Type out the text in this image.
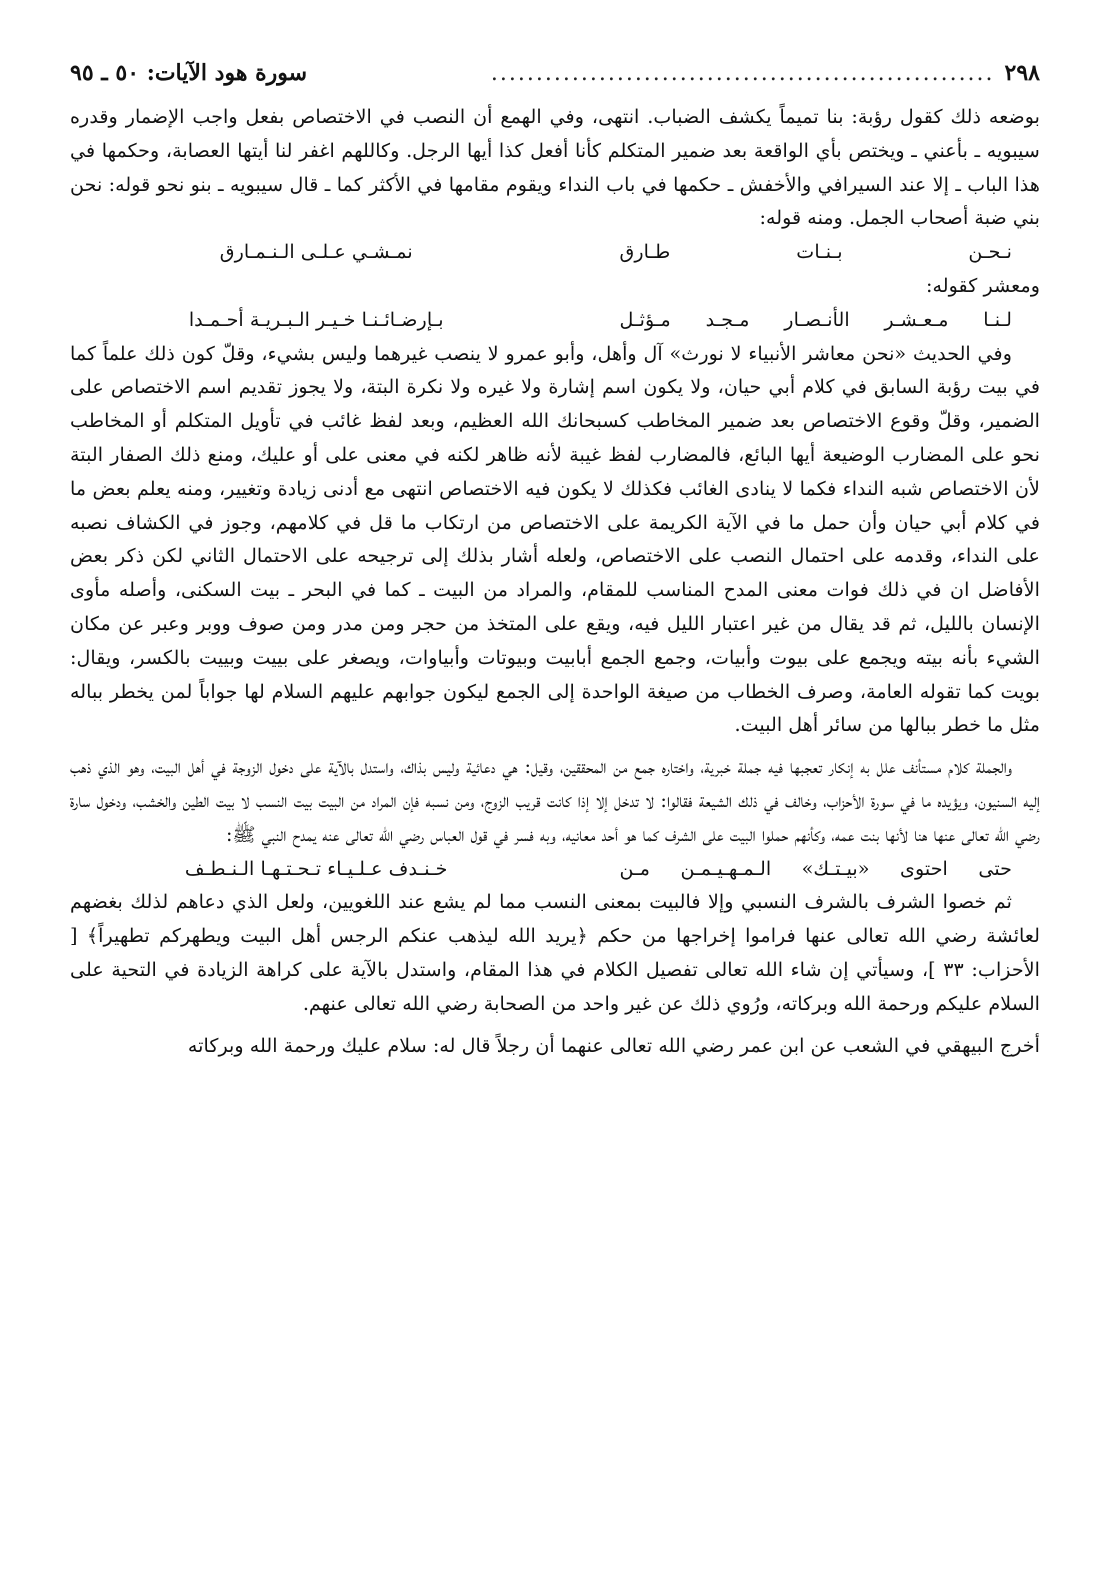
٢٩٨
........................................................
سورة هود الآيات: ٥٠ ـ ٩٥

بوضعه ذلك كقول رؤبة: بنا تميماً يكشف الضباب. انتهى، وفي الهمع أن النصب في الاختصاص بفعل واجب الإضمار وقدره سيبويه ـ بأعني ـ ويختص بأي الواقعة بعد ضمير المتكلم كأنا أفعل كذا أيها الرجل. وكاللهم اغفر لنا أيتها العصابة، وحكمها في هذا الباب ـ إلا عند السيرافي والأخفش ـ حكمها في باب النداء ويقوم مقامها في الأكثر كما ـ قال سيبويه ـ بنو نحو قوله: نحن بني ضبة أصحاب الجمل. ومنه قوله:

نـحـن بـنـات طـارق
نمـشـي عـلـى الـنـمـارق

ومعشر كقوله:

لـنـا مـعـشـر الأنـصـار مـجـد مـؤثـل
بـإرضـائـنـا خـيـر الـبـريـة أحـمـدا

وفي الحديث «نحن معاشر الأنبياء لا نورث» آل وأهل، وأبو عمرو لا ينصب غيرهما وليس بشيء، وقلّ كون ذلك علماً كما في بيت رؤبة السابق في كلام أبي حيان، ولا يكون اسم إشارة ولا غيره ولا نكرة البتة، ولا يجوز تقديم اسم الاختصاص على الضمير، وقلّ وقوع الاختصاص بعد ضمير المخاطب كسبحانك الله العظيم، وبعد لفظ غائب في تأويل المتكلم أو المخاطب نحو على المضارب الوضيعة أيها البائع، فالمضارب لفظ غيبة لأنه ظاهر لكنه في معنى على أو عليك، ومنع ذلك الصفار البتة لأن الاختصاص شبه النداء فكما لا ينادى الغائب فكذلك لا يكون فيه الاختصاص انتهى مع أدنى زيادة وتغيير، ومنه يعلم بعض ما في كلام أبي حيان وأن حمل ما في الآية الكريمة على الاختصاص من ارتكاب ما قل في كلامهم، وجوز في الكشاف نصبه على النداء، وقدمه على احتمال النصب على الاختصاص، ولعله أشار بذلك إلى ترجيحه على الاحتمال الثاني لكن ذكر بعض الأفاضل ان في ذلك فوات معنى المدح المناسب للمقام، والمراد من البيت ـ كما في البحر ـ بيت السكنى، وأصله مأوى الإنسان بالليل، ثم قد يقال من غير اعتبار الليل فيه، ويقع على المتخذ من حجر ومن مدر ومن صوف ووبر وعبر عن مكان الشيء بأنه بيته ويجمع على بيوت وأبيات، وجمع الجمع أبابيت وبيوتات وأبياوات، ويصغر على بييت وبييت بالكسر، ويقال: بويت كما تقوله العامة، وصرف الخطاب من صيغة الواحدة إلى الجمع ليكون جوابهم عليهم السلام لها جواباً لمن يخطر بباله مثل ما خطر ببالها من سائر أهل البيت.

والجملة كلام مستأنف علل به إنكار تعجبها فيه جملة خبرية، واختاره جمع من المحققين، وقيل: هي دعائية وليس بذاك، واستدل بالآية على دخول الزوجة في أهل البيت، وهو الذي ذهب إليه السنيون، ويؤيده ما في سورة الأحزاب، وخالف في ذلك الشيعة فقالوا: لا تدخل إلا إذا كانت قريب الزوج، ومن نسبه فإن المراد من البيت بيت النسب لا بيت الطين والخشب، ودخول سارة رضي الله تعالى عنها هنا لأنها بنت عمه، وكأنهم حملوا البيت على الشرف كما هو أحد معانيه، وبه فسر في قول العباس رضي الله تعالى عنه يمدح النبي ﷺ:

حتى احتوى «بيـتـك» الـمـهـيـمـن مـن
خـنـدف عـلـيـاء تـحـتـهـا الـنـطـف

ثم خصوا الشرف بالشرف النسبي وإلا فالبيت بمعنى النسب مما لم يشع عند اللغويين، ولعل الذي دعاهم لذلك بغضهم لعائشة رضي الله تعالى عنها فراموا إخراجها من حكم ﴿يريد الله ليذهب عنكم الرجس أهل البيت ويطهركم تطهيراً﴾ [ الأحزاب: ٣٣ ]، وسيأتي إن شاء الله تعالى تفصيل الكلام في هذا المقام، واستدل بالآية على كراهة الزيادة في التحية على السلام عليكم ورحمة الله وبركاته، ورُوي ذلك عن غير واحد من الصحابة رضي الله تعالى عنهم.

أخرج البيهقي في الشعب عن ابن عمر رضي الله تعالى عنهما أن رجلاً قال له: سلام عليك ورحمة الله وبركاته
